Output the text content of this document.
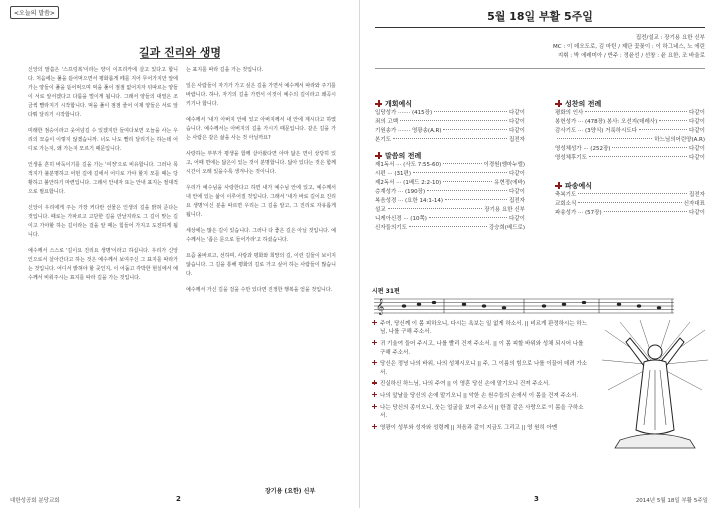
<오늘의 말씀>
길과 진리와 생명

신앙의 말씀은 '스프링복'이라는 양이 이프리카에 살고 있다고 합니다. 처음에는 풀을 뜯어먹으면서 평화롭게 떼를 지어 무어가지만 앞에 가는 양들이 풀을 뜯어먹으며 먹을 풀이 점점 없어지자 뒤따르는 양들이 서로 앞서겠다고 다툼을 벌이게 됩니다. 그래서 양들의 대열은 조금씩 빨라지기 시작합니다. 먹을 풀이 점점 줄어 이제 양들은 서로 앞다퉈 달리기 시작합니다.

미래한 점승이라고 웃어넘길 수 있겠지만 들여다보면 오늘을 사는 우리의 모습이 이렇지 않겠습니까. 너도 나도 빨리 달리기는 하는데 어디로 가는지, 왜 가는지 모르기 때문입니다.

인생을 흔히 바둑이기를 길을 가는 '여정'으로 비유합니다. 그러나 목적지가 불분명하고 어떤 길에 길에서 어디로 가야 할지 모를 때는 당황하고 불안하기 마련입니다. 그래서 안내자 또는 안내 표지는 절대적으로 필요합니다.

신앙이 우리에게 주는 가장 커다란 선물은 인생의 길을 밝혀 준다는 것입니다. 때로는 가파르고 고단한 길을 만날지라도 그 길이 맞는 길이고 가야할 하는 길이라는 걸을 알 때는 힘들어 가지고 도전하게 됩니다.

예수께서 스스로 '길이요 진리요 생명'이라고 하십니다. 우리가 신앙인으로서 살아간다고 하는 것은 예수께서 보여주신 그 표지를 따라가는 것입니다. 어디서 밝혀야 할 곳인지, 이 어둡고 각박한 현실에서 예수께서 비춰주시는 표지를 따라 길을 가는 것입니다.

는 표지를 따라 길을 가는 것입니다.

일은 사람들이 자기가 가고 싶은 길을 가면서 예수께서 따라와 주기를 바랍니다. 하나, 자기의 길을 가면서 이것이 예수의 길이라고 왜곡시키기나 합니다.

예수께서 '내가 아버지 안에 있고 아버지께서 내 안에 계시다고 하였습니다. 예수께서는 아버지의 길을 가시기 때문입니다. 같은 길을 가는 사람은 같은 삶을 사는 것 아닐까요?

사랑하는 부부가 평생을 함께 살아왔다면 아마 닮은 면이 상당히 있고, 어때 면에는 닮은이 있는 것이 분명합니다. 닮아 있다는 것은 함께 시간이 오래 있을수록 생겨나는 것이니다.

우리가 예수님을 사랑한다고 하면 내가 예수님 안에 있고, 예수께서 내 안에 있는 삶이 이루어질 것입니다. 그래서 '내가 바로 길이요 진리요 생명'이신 분을 따르면 우리는 그 길을 알고, 그 진리로 자유롭게 됩니다.

세상에는 많은 길이 있습니다. 그러나 다 좋은 길은 아닐 것입니다. 예수께서는 '좁은 문으로 들어가라'고 하셨습니다.

요즘 올바르고, 선하며, 사랑과 평화와 희망의 길, 이런 길들이 보이지 않습니다. 그 길을 통해 평화의 길로 가고 싶어 하는 사람들이 많습니다.

예수께서 가신 길을 걸을 수만 있다면 진정한 행복을 얻을 것입니다.

장기용 (요한) 신부
대한성공회 분당교회	2
5월 18일 부활 5주일
집전/설교 : 장기용 요한 신부
MC : 이 데오도로, 김 마틴 / 제단 꽃꽂이 : 이 하그네스, 노 에린
지휘 : 박 에레미아 / 반주 : 정윤선 / 선창 : 윤 요한, 조 바울로
개회예식
입당성가 ······· (415장)	다같이
죄의 고백	다같이
기원송가 ······· 영광송(A.R)	다같이
본기도	집전자
말씀의 전례
제1독서 ··· (사도 7:55-60)	이경원(엠마누엘)
시편 ··· (31편)	다같이
제2독서 ··· (1베드 2:2-10)	유현정(에바)
층계성가 ··· (190장)	다같이
복음성경 ··· (요한 14:1-14)	집전자
설교	장기용 요한 신부
니케아신경 ··· (10쪽)	다같이
신자들의기도	강승희(베드로)
성찬의 전례
평화의 인사	다같이
봉헌성가 ··· (478장) 봉사: 오선지(데레사)	다같이
감사기도 ··· (3양식) 거룩하시도다	다같이
하느님의어린양(A.R)
영성체성가 ··· (252장)	다같이
영성체후기도	다같이
파송예식
축복기도	집전자
교회소식	신자대표
파송성가 ··· (57장)	다같이
시편 31편
𝄞
주여, 당신께 이 몸 피하오니, 다시는 욕보는 일 없게 하소서. || 비르게 판정하시는 하느님, 나를 구해 주소서.
귀 기울여 들어 주시고, 나를 빨리 건져 주소서. || 이 몸 피할 바위와 성채 되시어 나를 구해 주소서.
당신은 정녕 나의 바위, 나의 성채시오니 || 주, 그 이름의 힘으로 나를 이끌어 데려 가소서.
진실하신 하느님, 나의 주여 || 이 영혼 당신 손에 맡기오니 건져 주소서.
나의 앞날을 당신의 손에 맡기오니 || 악한 손 원수들의 손에서 이 몸을 건져 주소서.
나는 당신의 종이오니, 웃는 얼굴을 보여 주소서 || 한결 같은 사랑으로 이 몸을 구하소서.
영광이 성부와 성자와 성령께 || 처음과 같이 지금도 그리고 || 영 원히 아멘
3	2014년 5월 18일 부활 5주일
